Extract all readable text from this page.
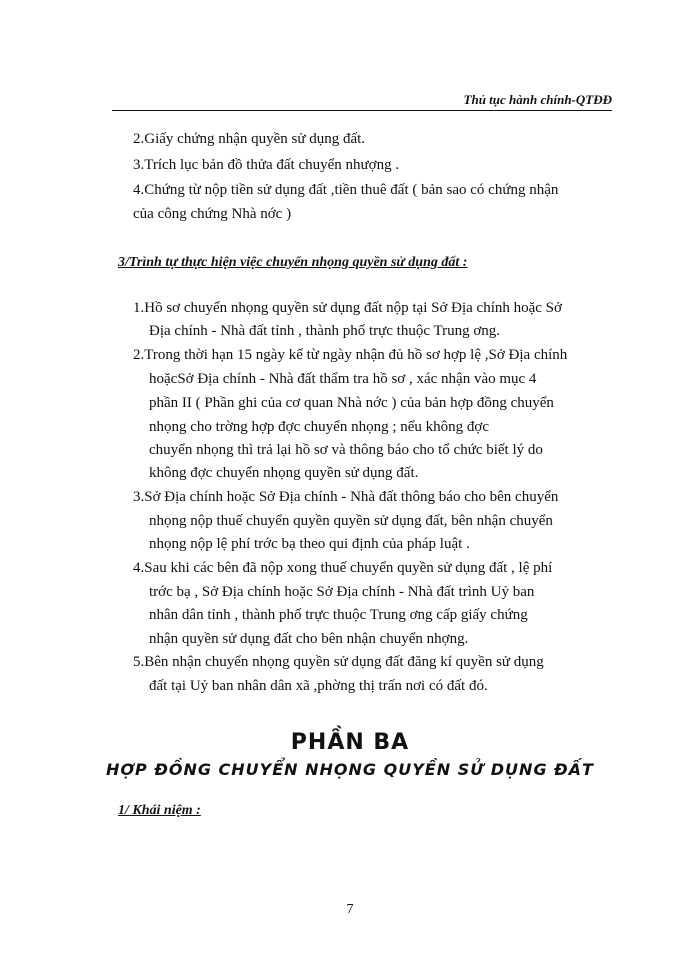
Thủ tục hành chính-QTĐĐ
2.Giấy chứng nhận quyền sử dụng đất.
3.Trích lục bản đồ thửa đất chuyển nhượng .
4.Chứng từ nộp tiền sử dụng đất ,tiền thuê đất ( bản sao có chứng nhận
của công chứng Nhà nớc )
3/Trình tự thực hiện việc chuyển nhọng quyền sử dụng đất :
1.Hồ sơ chuyển nhọng quyền sử dụng đất nộp tại Sở Địa chính hoặc Sở
Địa chính - Nhà đất tỉnh , thành phố trực thuộc Trung ơng.
2.Trong thời hạn 15 ngày kể từ ngày nhận đủ hồ sơ hợp lệ ,Sở Địa chính
hoặcSở Địa chính - Nhà đất thẩm tra hồ sơ , xác nhận vào mục 4
phần II ( Phần ghi của cơ quan Nhà nớc ) của bản hợp đồng chuyển
nhọng cho trờng hợp đợc chuyển nhọng ; nếu không đợc
chuyển nhọng thì trả lại hồ sơ và thông báo cho tổ chức biết lý do
không đợc chuyển nhọng quyền sử dụng đất.
3.Sở Địa chính hoặc Sở Địa chính - Nhà đất thông báo cho bên chuyển
nhọng nộp thuế chuyển quyền quyền sử dụng đất, bên nhận chuyển
nhọng nộp lệ phí trớc bạ theo qui định của pháp luật .
4.Sau khi các bên đã nộp xong thuế chuyển quyền sử dụng đất , lệ phí
trớc bạ , Sở Địa chính hoặc Sở Địa chính - Nhà đất trình Uỷ ban
nhân dân tỉnh , thành phố trực thuộc Trung ơng cấp giấy chứng
nhận quyền sử dụng đất cho bên nhận chuyển nhợng.
5.Bên nhận chuyển nhọng quyền sử dụng đất đăng kí quyền sử dụng
đất tại Uỷ ban nhân dân xã ,phờng thị trấn nơi có đất đó.
PHẦN BA
HỢP ĐỒNG CHUYỂN NHỌNG QUYỀN SỬ DỤNG ĐẤT
1/ Khái niệm :
7
